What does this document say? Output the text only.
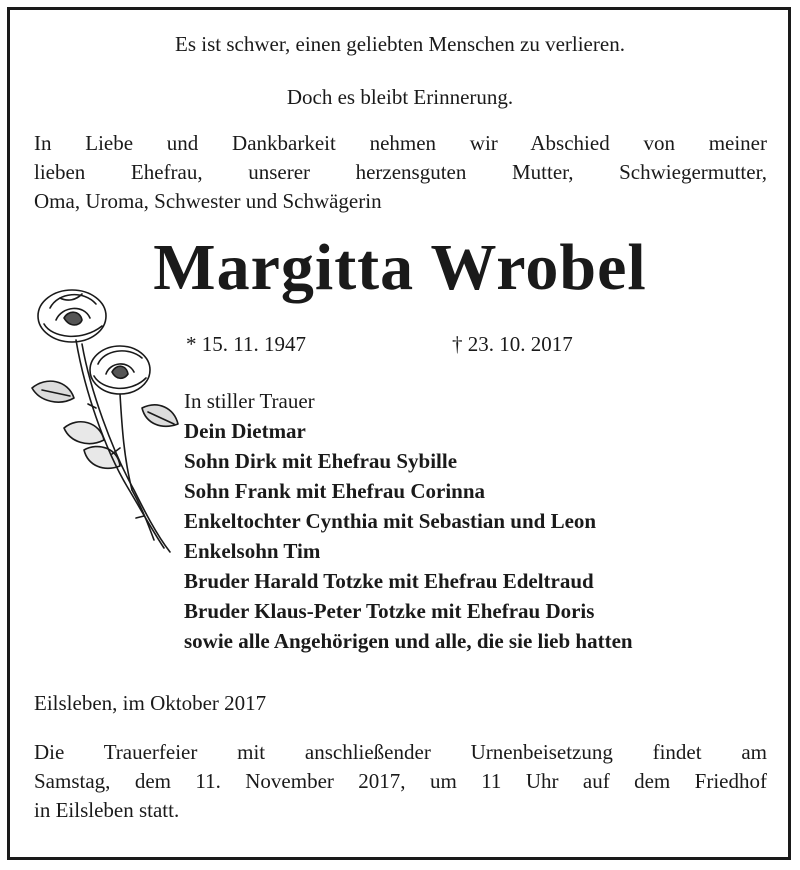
Es ist schwer, einen geliebten Menschen zu verlieren.
Doch es bleibt Erinnerung.
In Liebe und Dankbarkeit nehmen wir Abschied von meiner
lieben Ehefrau, unserer herzensguten Mutter, Schwiegermutter,
Oma, Uroma, Schwester und Schwägerin
Margitta Wrobel
* 15. 11. 1947	† 23. 10. 2017
In stiller Trauer
Dein Dietmar
Sohn Dirk mit Ehefrau Sybille
Sohn Frank mit Ehefrau Corinna
Enkeltochter Cynthia mit Sebastian und Leon
Enkelsohn Tim
Bruder Harald Totzke mit Ehefrau Edeltraud
Bruder Klaus-Peter Totzke mit Ehefrau Doris
sowie alle Angehörigen und alle, die sie lieb hatten
Eilsleben, im Oktober 2017
Die Trauerfeier mit anschließender Urnenbeisetzung findet am
Samstag, dem 11. November 2017, um 11 Uhr auf dem Friedhof
in Eilsleben statt.
